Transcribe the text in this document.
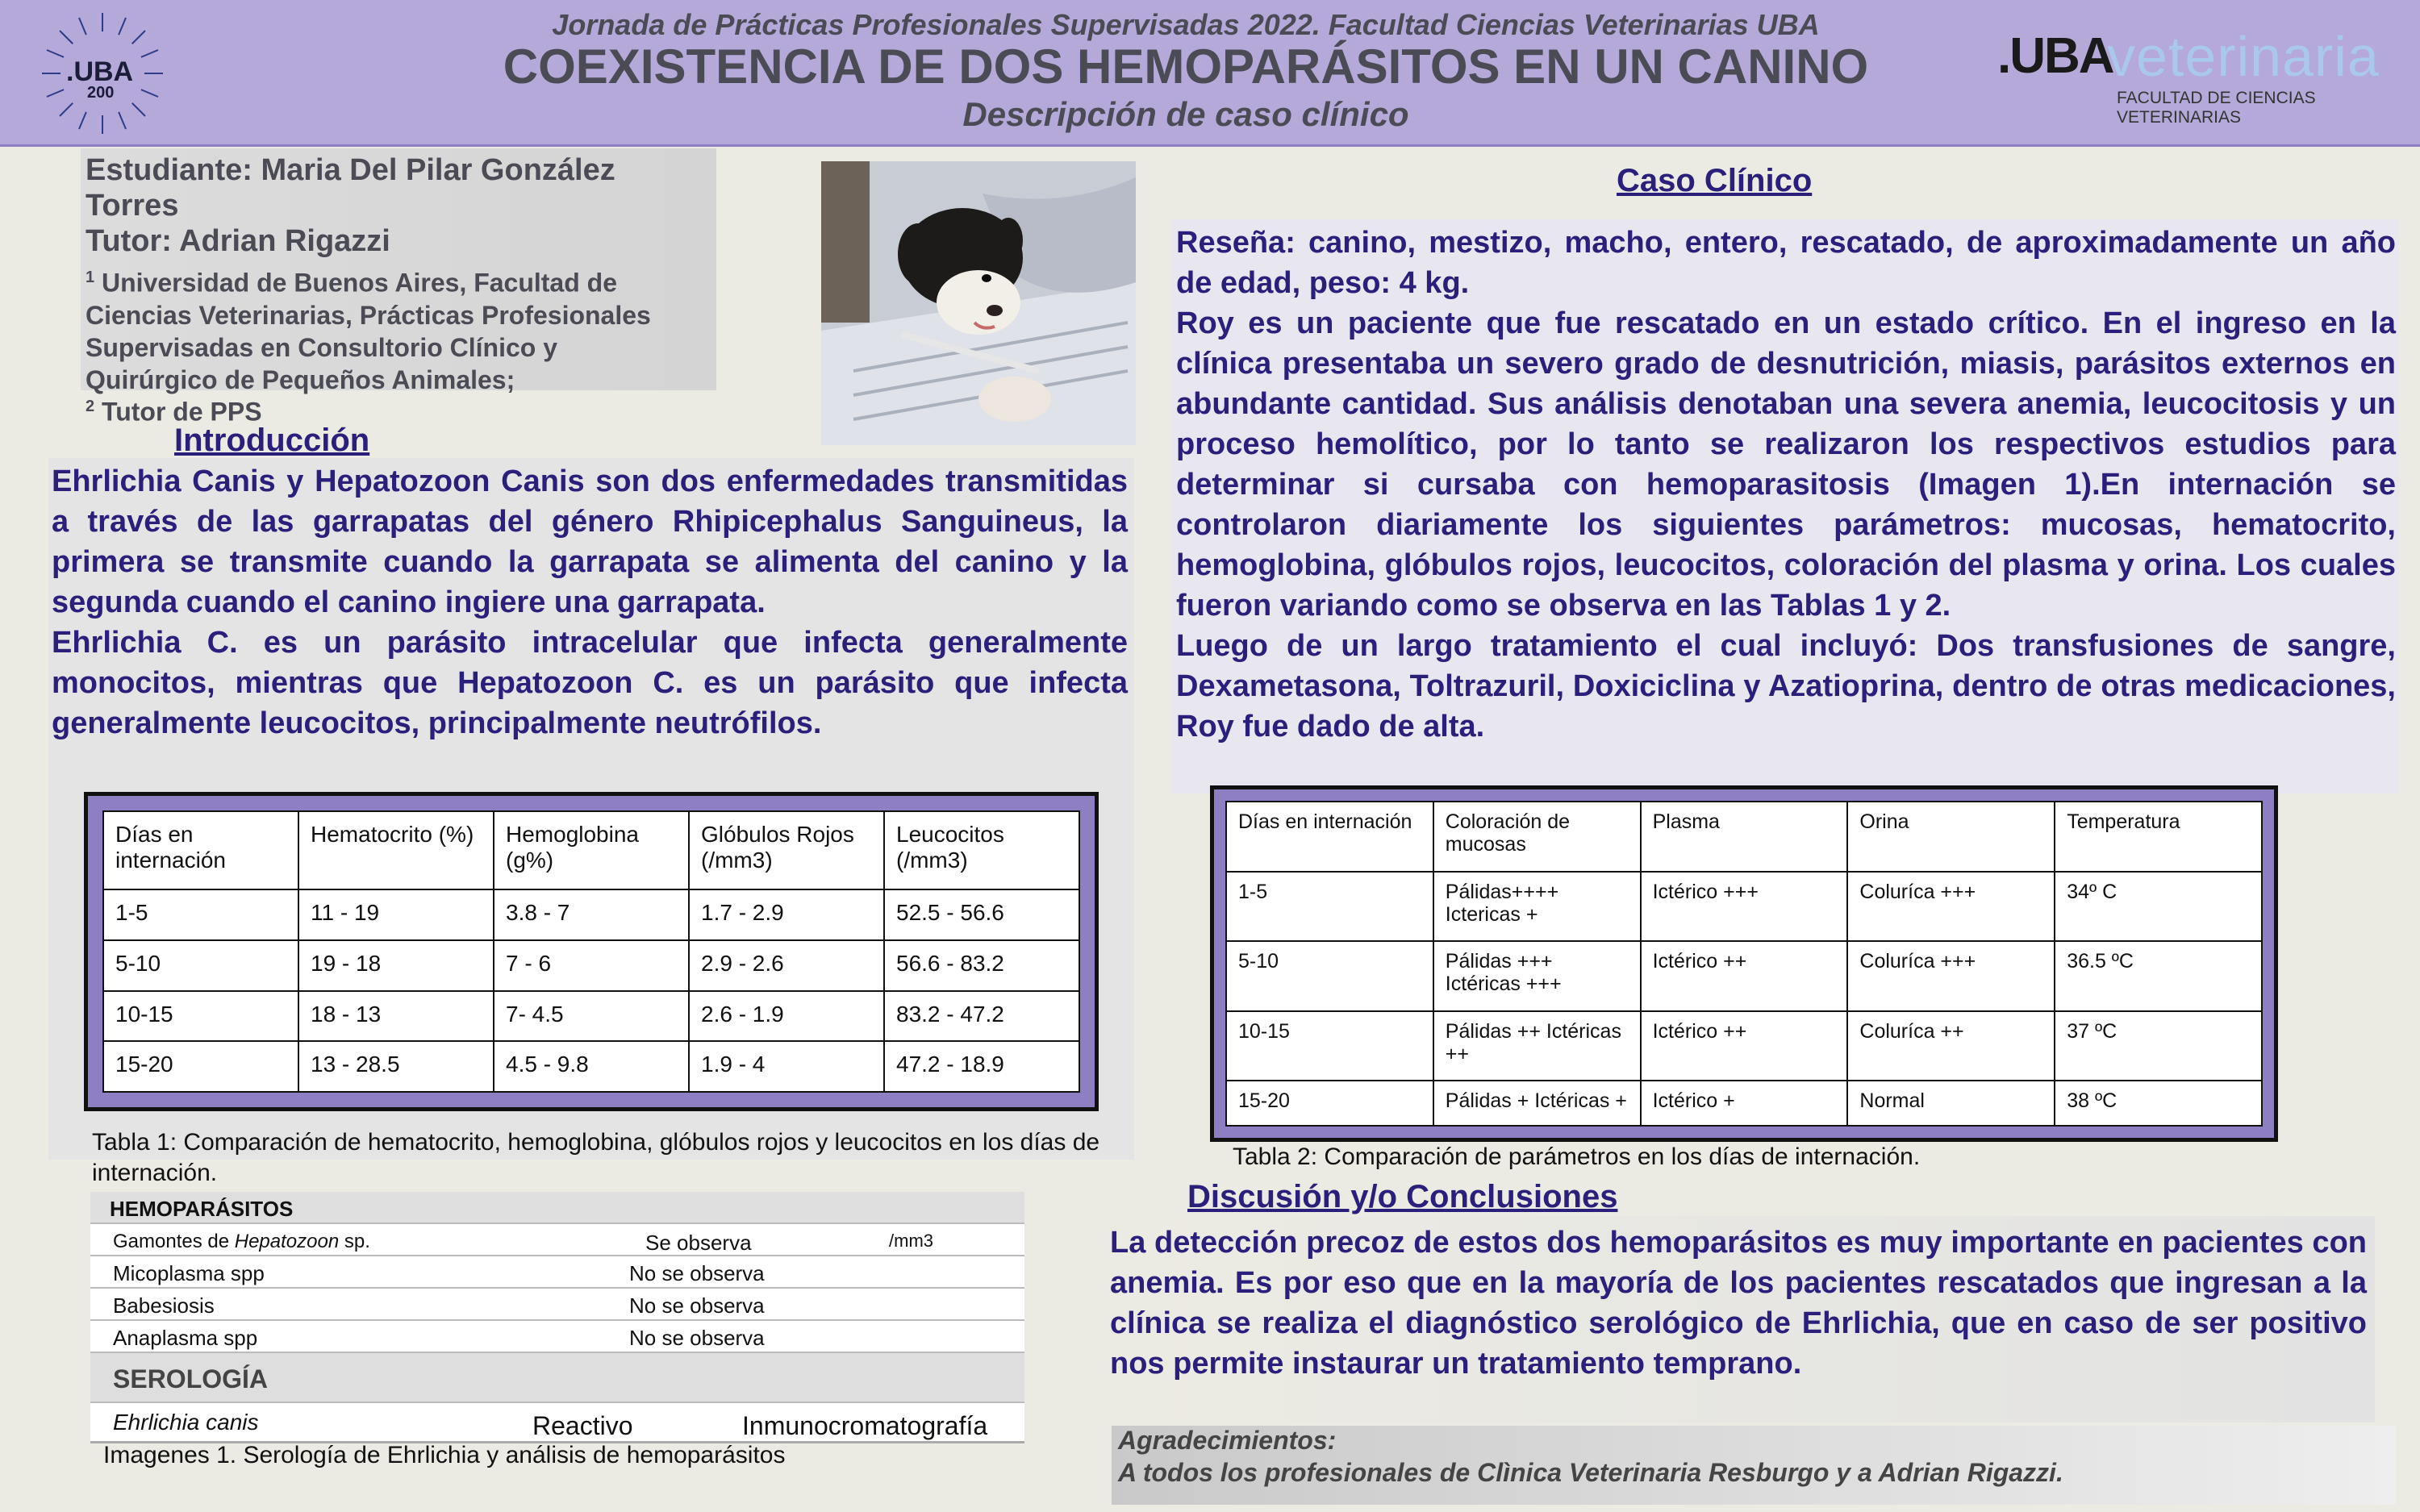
.UBA
200
Jornada de Prácticas Profesionales Supervisadas 2022. Facultad Ciencias Veterinarias UBA
COEXISTENCIA DE DOS HEMOPARÁSITOS EN UN CANINO
Descripción de caso clínico
.UBA
veterinaria
FACULTAD DE CIENCIAS VETERINARIAS
Estudiante: Maria Del Pilar González
Torres
Tutor: Adrian Rigazzi
$^1$ Universidad de Buenos Aires, Facultad de
Ciencias Veterinarias, Prácticas Profesionales
Supervisadas en Consultorio Clínico y
Quirúrgico de Pequeños Animales;
$^2$ Tutor de PPS
Introducción
Ehrlichia Canis y Hepatozoon Canis son dos enfermedades transmitidas a través de las garrapatas del género Rhipicephalus Sanguineus, la primera se transmite cuando la garrapata se alimenta del canino y la segunda cuando el canino ingiere una garrapata.
Ehrlichia C. es un parásito intracelular que infecta generalmente monocitos, mientras que Hepatozoon C. es un parásito que infecta generalmente leucocitos, principalmente neutrófilos.
Días en internación	Hematocrito (%)	Hemoglobina (g%)	Glóbulos Rojos (/mm3)	Leucocitos (/mm3)
1-5	11 - 19	3.8 - 7	1.7 - 2.9	52.5 - 56.6
5-10	19 - 18	7 - 6	2.9 - 2.6	56.6 - 83.2
10-15	18 - 13	7- 4.5	2.6 - 1.9	83.2 - 47.2
15-20	13 - 28.5	4.5 - 9.8	1.9 - 4	47.2 - 18.9
Tabla 1: Comparación de hematocrito, hemoglobina, glóbulos rojos y leucocitos en los días de internación.
HEMOPARÁSITOS
Gamontes de Hepatozoon sp.	Se observa	/mm3
Micoplasma spp	No se observa
Babesiosis	No se observa
Anaplasma spp	No se observa
SEROLOGÍA
Ehrlichia canis	Reactivo	Inmunocromatografía
Imagenes 1. Serología de Ehrlichia y análisis de hemoparásitos
Caso Clínico
Reseña: canino, mestizo, macho, entero, rescatado, de aproximadamente un año de edad, peso: 4 kg.
Roy es un paciente que fue rescatado en un estado crítico. En el ingreso en la clínica presentaba un severo grado de desnutrición, miasis, parásitos externos en abundante cantidad. Sus análisis denotaban una severa anemia, leucocitosis y un proceso hemolítico, por lo tanto se realizaron los respectivos estudios para determinar si cursaba con hemoparasitosis (Imagen 1).En internación se controlaron diariamente los siguientes parámetros: mucosas, hematocrito, hemoglobina, glóbulos rojos, leucocitos, coloración del plasma y orina. Los cuales fueron variando como se observa en las Tablas 1 y 2.
Luego de un largo tratamiento el cual incluyó: Dos transfusiones de sangre, Dexametasona, Toltrazuril, Doxiciclina y Azatioprina, dentro de otras medicaciones, Roy fue dado de alta.
Días en internación	Coloración de mucosas	Plasma	Orina	Temperatura
1-5	Pálidas++++ Ictericas +	Ictérico +++	Coluríca +++	34º C
5-10	Pálidas +++ Ictéricas +++	Ictérico ++	Coluríca +++	36.5 ºC
10-15	Pálidas ++ Ictéricas ++	Ictérico ++	Coluríca ++	37 ºC
15-20	Pálidas + Ictéricas +	Ictérico +	Normal	38 ºC
Tabla 2: Comparación de parámetros en los días de internación.
Discusión y/o Conclusiones
La detección precoz de estos dos hemoparásitos es muy importante en pacientes con anemia. Es por eso que en la mayoría de los pacientes rescatados que ingresan a la clínica se realiza el diagnóstico serológico de Ehrlichia, que en caso de ser positivo nos permite instaurar un tratamiento temprano.
Agradecimientos:
A todos los profesionales de Clìnica Veterinaria Resburgo y a Adrian Rigazzi.
